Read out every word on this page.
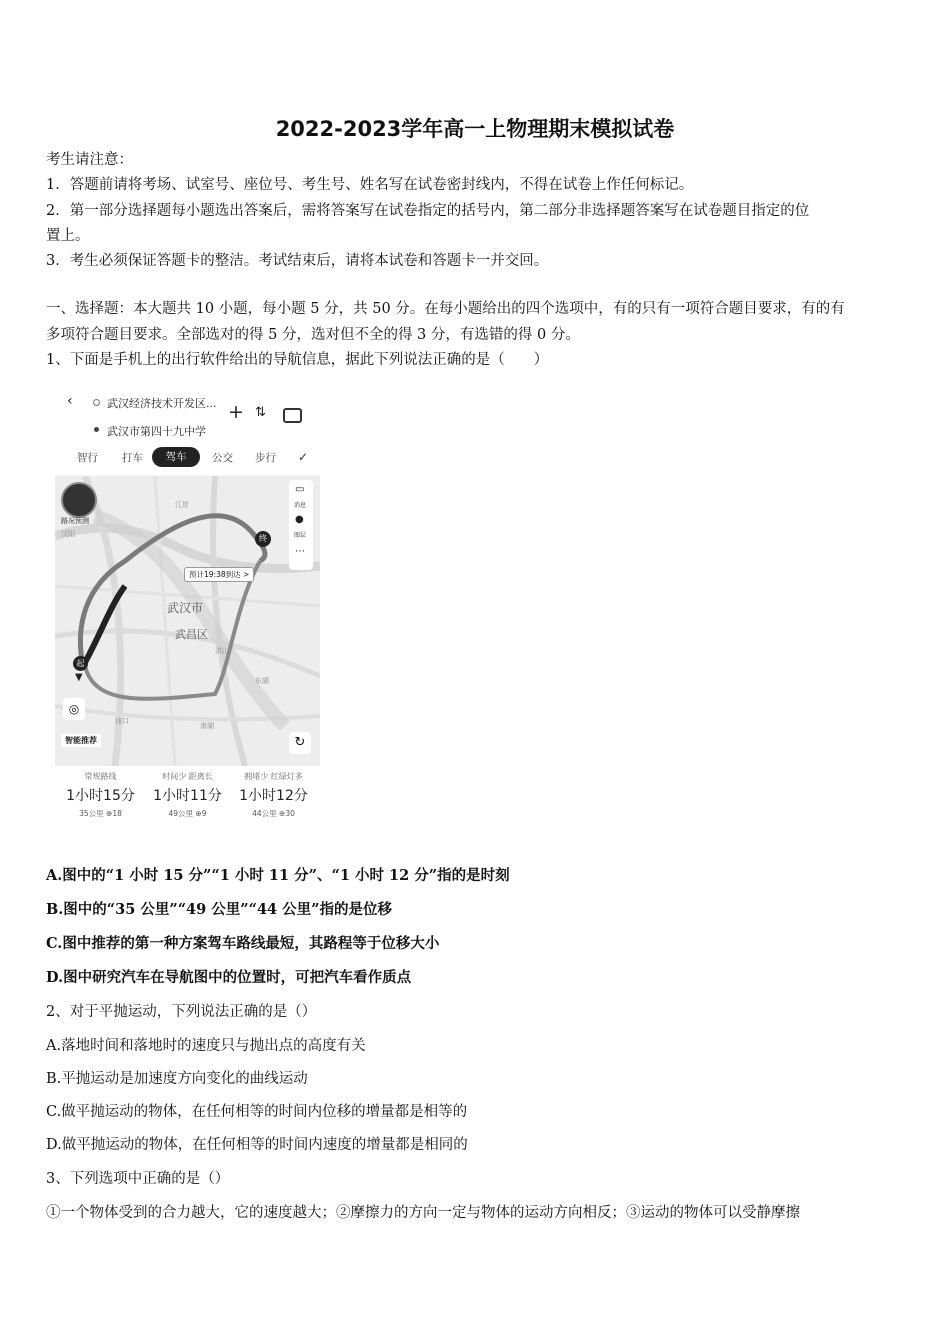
2022-2023学年高一上物理期末模拟试卷
考生请注意：
1．答题前请将考场、试室号、座位号、考生号、姓名写在试卷密封线内，不得在试卷上作任何标记。
2．第一部分选择题每小题选出答案后，需将答案写在试卷指定的括号内，第二部分非选择题答案写在试卷题目指定的位
置上。
3．考生必须保证答题卡的整洁。考试结束后，请将本试卷和答题卡一并交回。
一、选择题：本大题共 10 小题，每小题 5 分，共 50 分。在每小题给出的四个选项中，有的只有一项符合题目要求，有的有
多项符合题目要求。全部选对的得 5 分，选对但不全的得 3 分，有选错的得 0 分。
1、下面是手机上的出行软件给出的导航信息，据此下列说法正确的是（　　）
‹	武汉经济技术开发区...
武汉市第四十九中学
+ ⇅
智行 打车	驾车	公交 步行 ✓
路况预测
▭
消息
●
图层
⋯
终
预计19:38到达 >
起
▼
武汉市
武昌区
汉阳
江岸
洪山
沌口
东湖
南湖
◎
智能推荐	↻
常规路线
1小时15分
35公里 ⊕18
时间少 距离长
1小时11分
49公里 ⊕9
拥堵少 红绿灯多
1小时12分
44公里 ⊕30
A.图中的“1 小时 15 分”“1 小时 11 分”、“1 小时 12 分”指的是时刻
B.图中的“35 公里”“49 公里”“44 公里”指的是位移
C.图中推荐的第一种方案驾车路线最短，其路程等于位移大小
D.图中研究汽车在导航图中的位置时，可把汽车看作质点
2、对于平抛运动，下列说法正确的是（）
A.落地时间和落地时的速度只与抛出点的高度有关
B.平抛运动是加速度方向变化的曲线运动
C.做平抛运动的物体，在任何相等的时间内位移的增量都是相等的
D.做平抛运动的物体，在任何相等的时间内速度的增量都是相同的
3、下列选项中正确的是（）
①一个物体受到的合力越大，它的速度越大；②摩擦力的方向一定与物体的运动方向相反；③运动的物体可以受静摩擦
